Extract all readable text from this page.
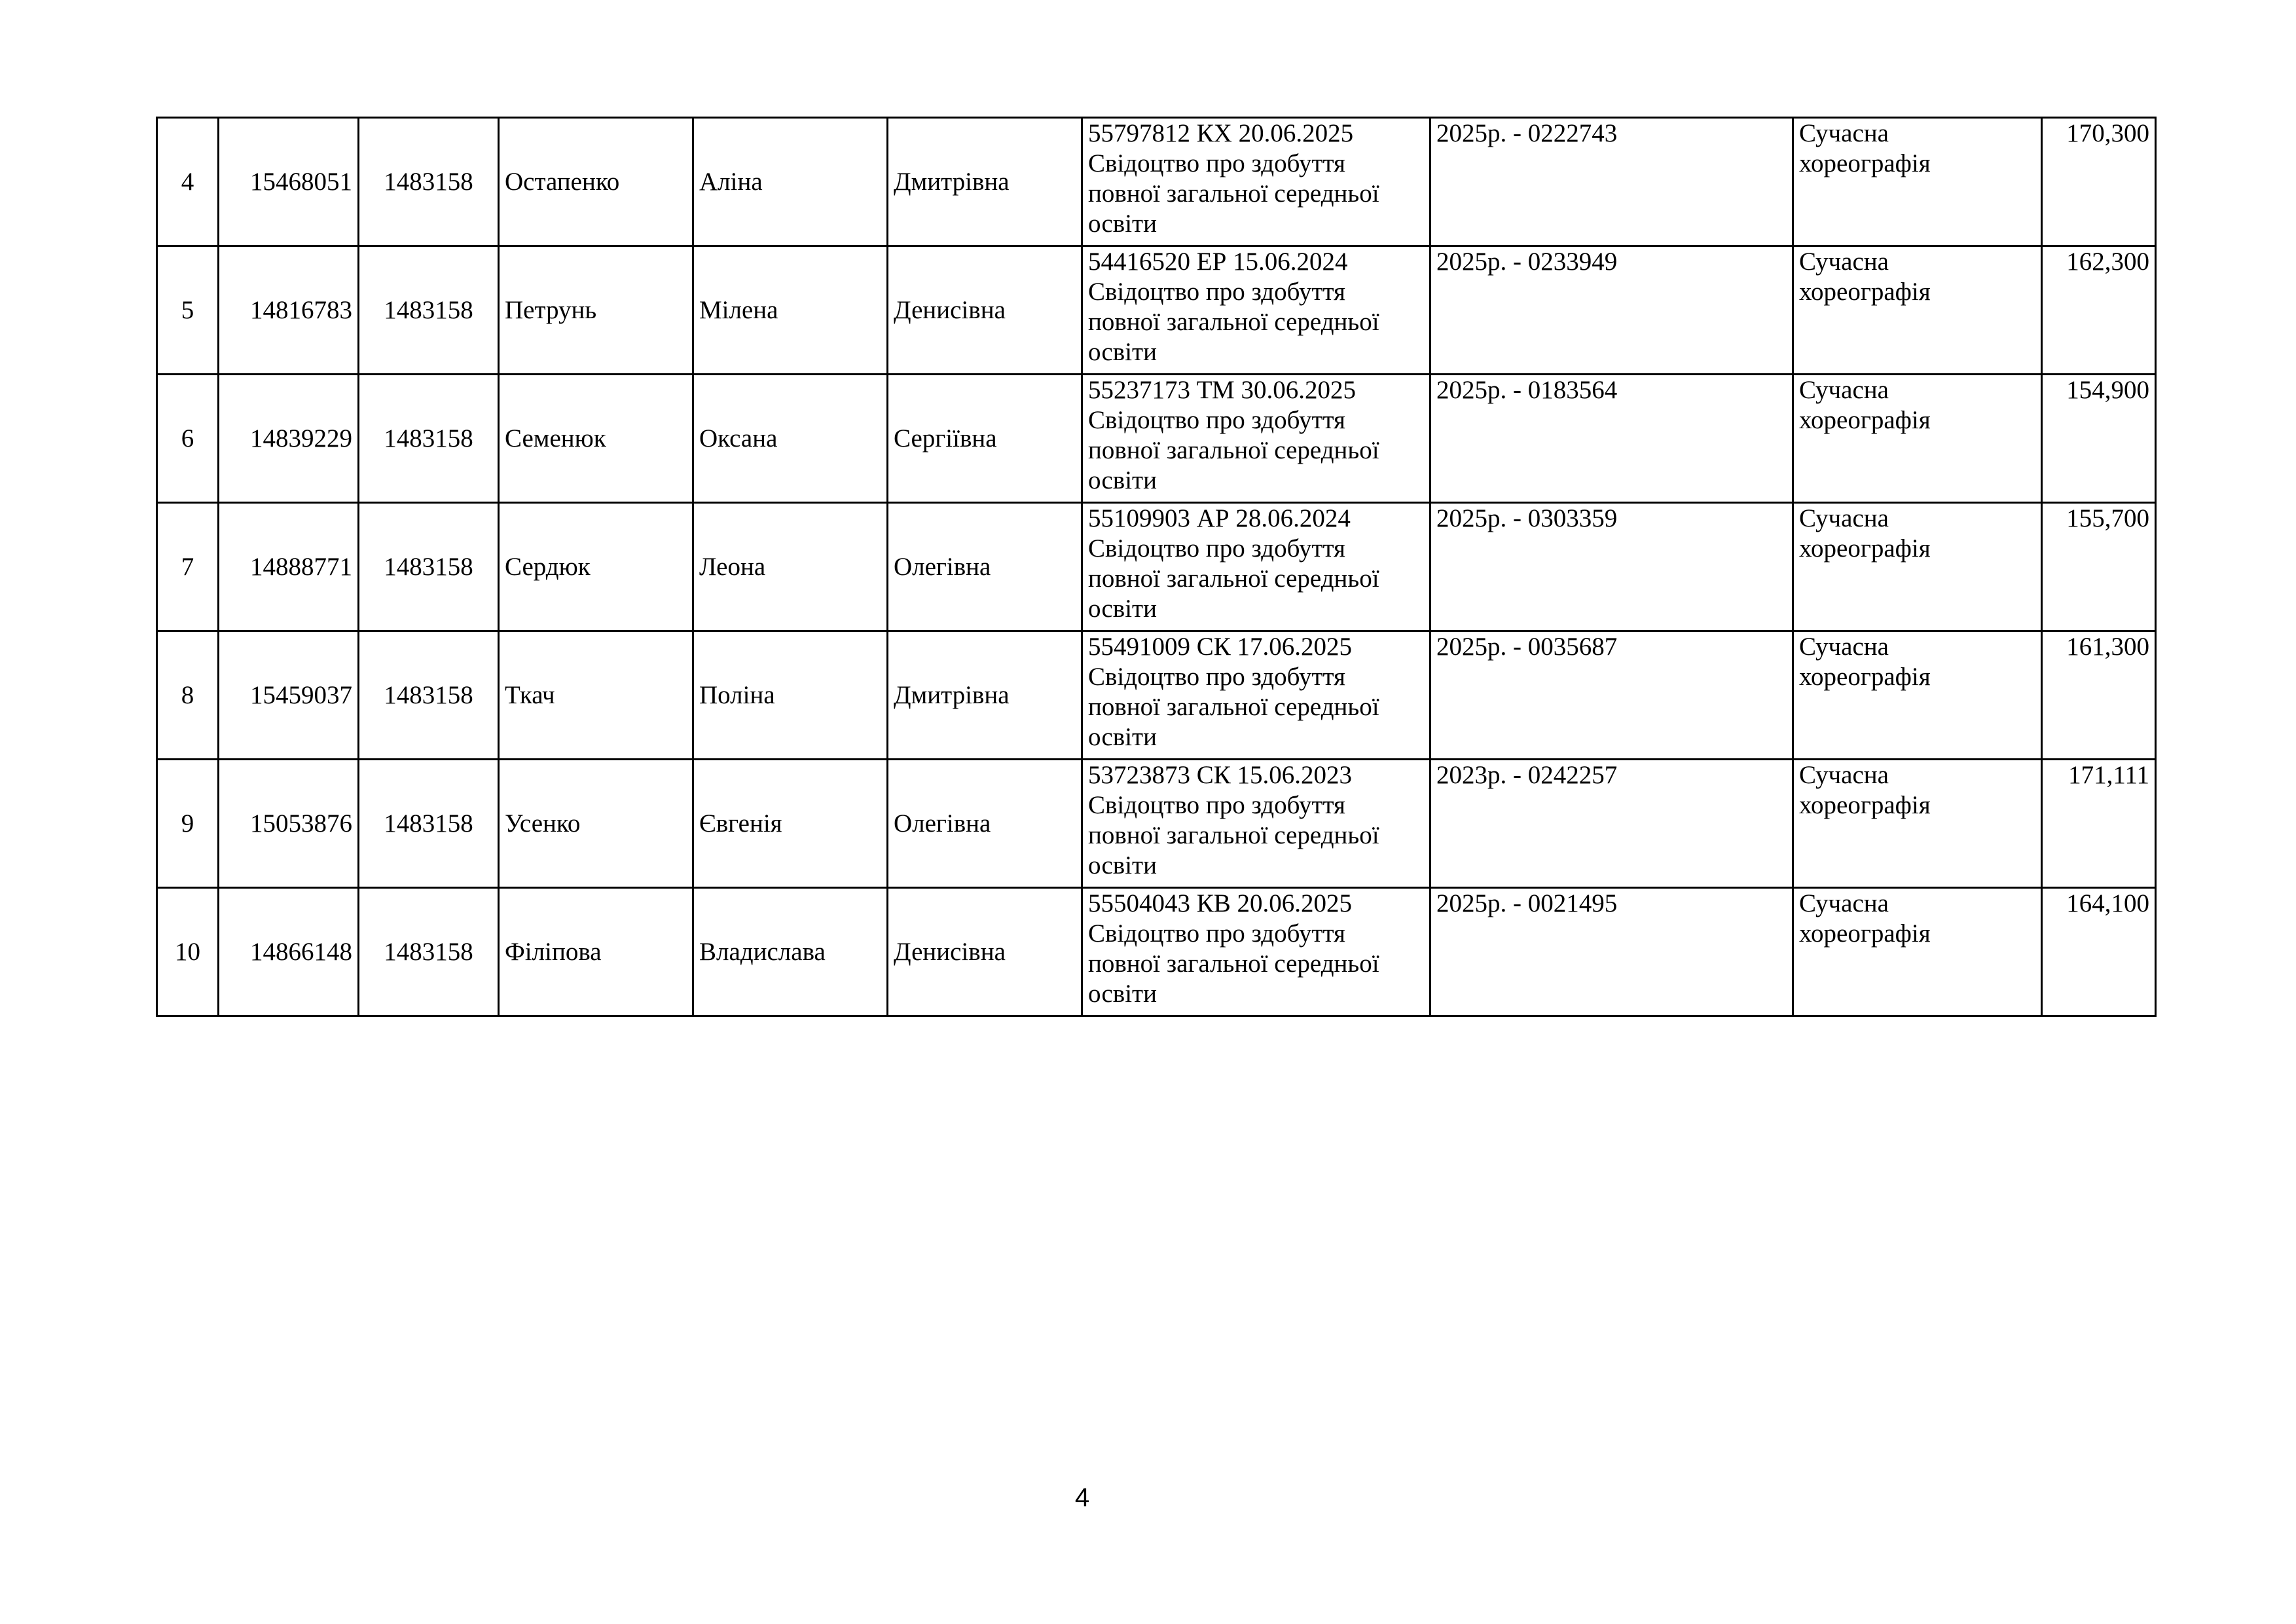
4	15468051	1483158	Остапенко	Аліна	Дмитрівна	55797812 КХ 20.06.2025
Свідоцтво про здобуття
повної загальної середньої
освіти	2025р. - 0222743	Сучасна
хореографія	170,300
5	14816783	1483158	Петрунь	Мілена	Денисівна	54416520 ЕР 15.06.2024
Свідоцтво про здобуття
повної загальної середньої
освіти	2025р. - 0233949	Сучасна
хореографія	162,300
6	14839229	1483158	Семенюк	Оксана	Сергіївна	55237173 ТМ 30.06.2025
Свідоцтво про здобуття
повної загальної середньої
освіти	2025р. - 0183564	Сучасна
хореографія	154,900
7	14888771	1483158	Сердюк	Леона	Олегівна	55109903 АР 28.06.2024
Свідоцтво про здобуття
повної загальної середньої
освіти	2025р. - 0303359	Сучасна
хореографія	155,700
8	15459037	1483158	Ткач	Поліна	Дмитрівна	55491009 СК 17.06.2025
Свідоцтво про здобуття
повної загальної середньої
освіти	2025р. - 0035687	Сучасна
хореографія	161,300
9	15053876	1483158	Усенко	Євгенія	Олегівна	53723873 СК 15.06.2023
Свідоцтво про здобуття
повної загальної середньої
освіти	2023р. - 0242257	Сучасна
хореографія	171,111
10	14866148	1483158	Філіпова	Владислава	Денисівна	55504043 КВ 20.06.2025
Свідоцтво про здобуття
повної загальної середньої
освіти	2025р. - 0021495	Сучасна
хореографія	164,100
4
